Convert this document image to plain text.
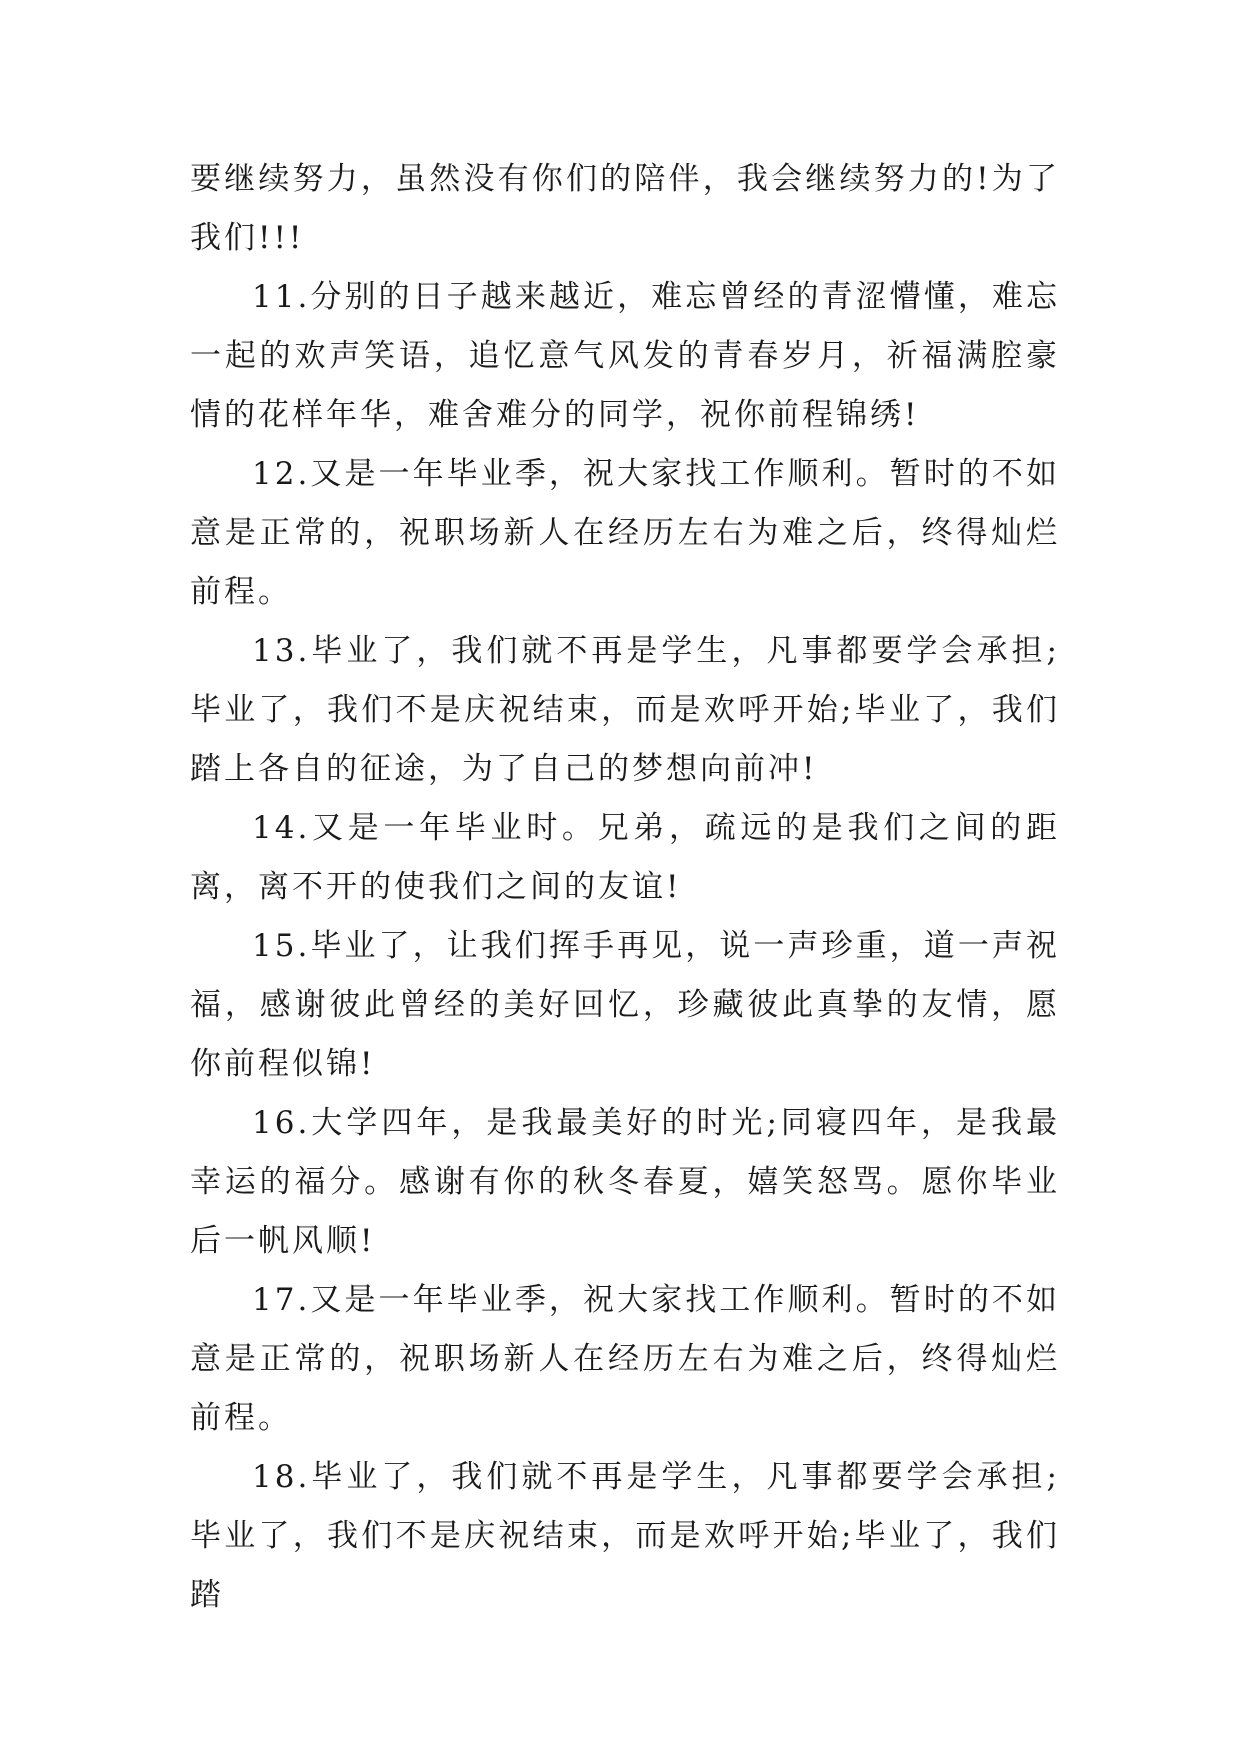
要继续努力，虽然没有你们的陪伴，我会继续努力的!为了我们!!!

11.分别的日子越来越近，难忘曾经的青涩懵懂，难忘一起的欢声笑语，追忆意气风发的青春岁月，祈福满腔豪情的花样年华，难舍难分的同学，祝你前程锦绣!

12.又是一年毕业季，祝大家找工作顺利。暂时的不如意是正常的，祝职场新人在经历左右为难之后，终得灿烂前程。

13.毕业了，我们就不再是学生，凡事都要学会承担;毕业了，我们不是庆祝结束，而是欢呼开始;毕业了，我们踏上各自的征途，为了自己的梦想向前冲!

14.又是一年毕业时。兄弟，疏远的是我们之间的距离，离不开的使我们之间的友谊!

15.毕业了，让我们挥手再见，说一声珍重，道一声祝福，感谢彼此曾经的美好回忆，珍藏彼此真挚的友情，愿你前程似锦!

16.大学四年，是我最美好的时光;同寝四年，是我最幸运的福分。感谢有你的秋冬春夏，嬉笑怒骂。愿你毕业后一帆风顺!

17.又是一年毕业季，祝大家找工作顺利。暂时的不如意是正常的，祝职场新人在经历左右为难之后，终得灿烂前程。

18.毕业了，我们就不再是学生，凡事都要学会承担;毕业了，我们不是庆祝结束，而是欢呼开始;毕业了，我们踏
